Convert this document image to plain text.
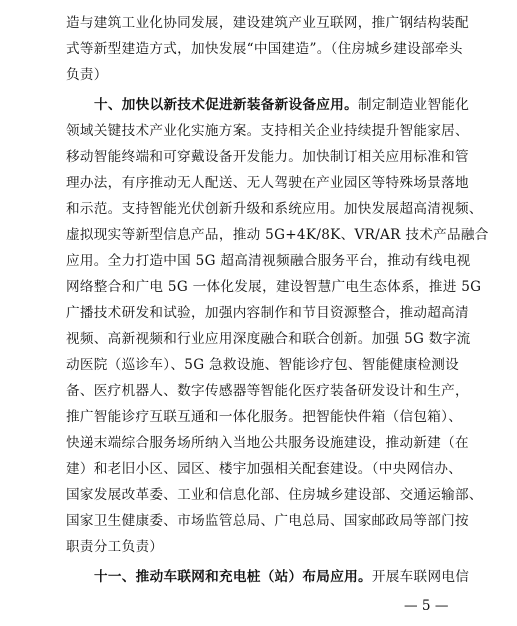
造与建筑工业化协同发展，建设建筑产业互联网，推广钢结构装配
式等新型建造方式，加快发展“中国建造”。（住房城乡建设部牵头
负责）
十、加快以新技术促进新装备新设备应用。制定制造业智能化
领域关键技术产业化实施方案。支持相关企业持续提升智能家居、
移动智能终端和可穿戴设备开发能力。加快制订相关应用标准和管
理办法，有序推动无人配送、无人驾驶在产业园区等特殊场景落地
和示范。支持智能光伏创新升级和系统应用。加快发展超高清视频、
虚拟现实等新型信息产品，推动 5G+4K/8K、VR/AR 技术产品融合
应用。全力打造中国 5G 超高清视频融合服务平台，推动有线电视
网络整合和广电 5G 一体化发展，建设智慧广电生态体系，推进 5G
广播技术研发和试验，加强内容制作和节目资源整合，推动超高清
视频、高新视频和行业应用深度融合和联合创新。加强 5G 数字流
动医院（巡诊车）、5G 急救设施、智能诊疗包、智能健康检测设
备、医疗机器人、数字传感器等智能化医疗装备研发设计和生产，
推广智能诊疗互联互通和一体化服务。把智能快件箱（信包箱）、
快递末端综合服务场所纳入当地公共服务设施建设，推动新建（在
建）和老旧小区、园区、楼宇加强相关配套建设。（中央网信办、
国家发展改革委、工业和信息化部、住房城乡建设部、交通运输部、
国家卫生健康委、市场监管总局、广电总局、国家邮政局等部门按
职责分工负责）
十一、推动车联网和充电桩（站）布局应用。开展车联网电信
— 5 —
